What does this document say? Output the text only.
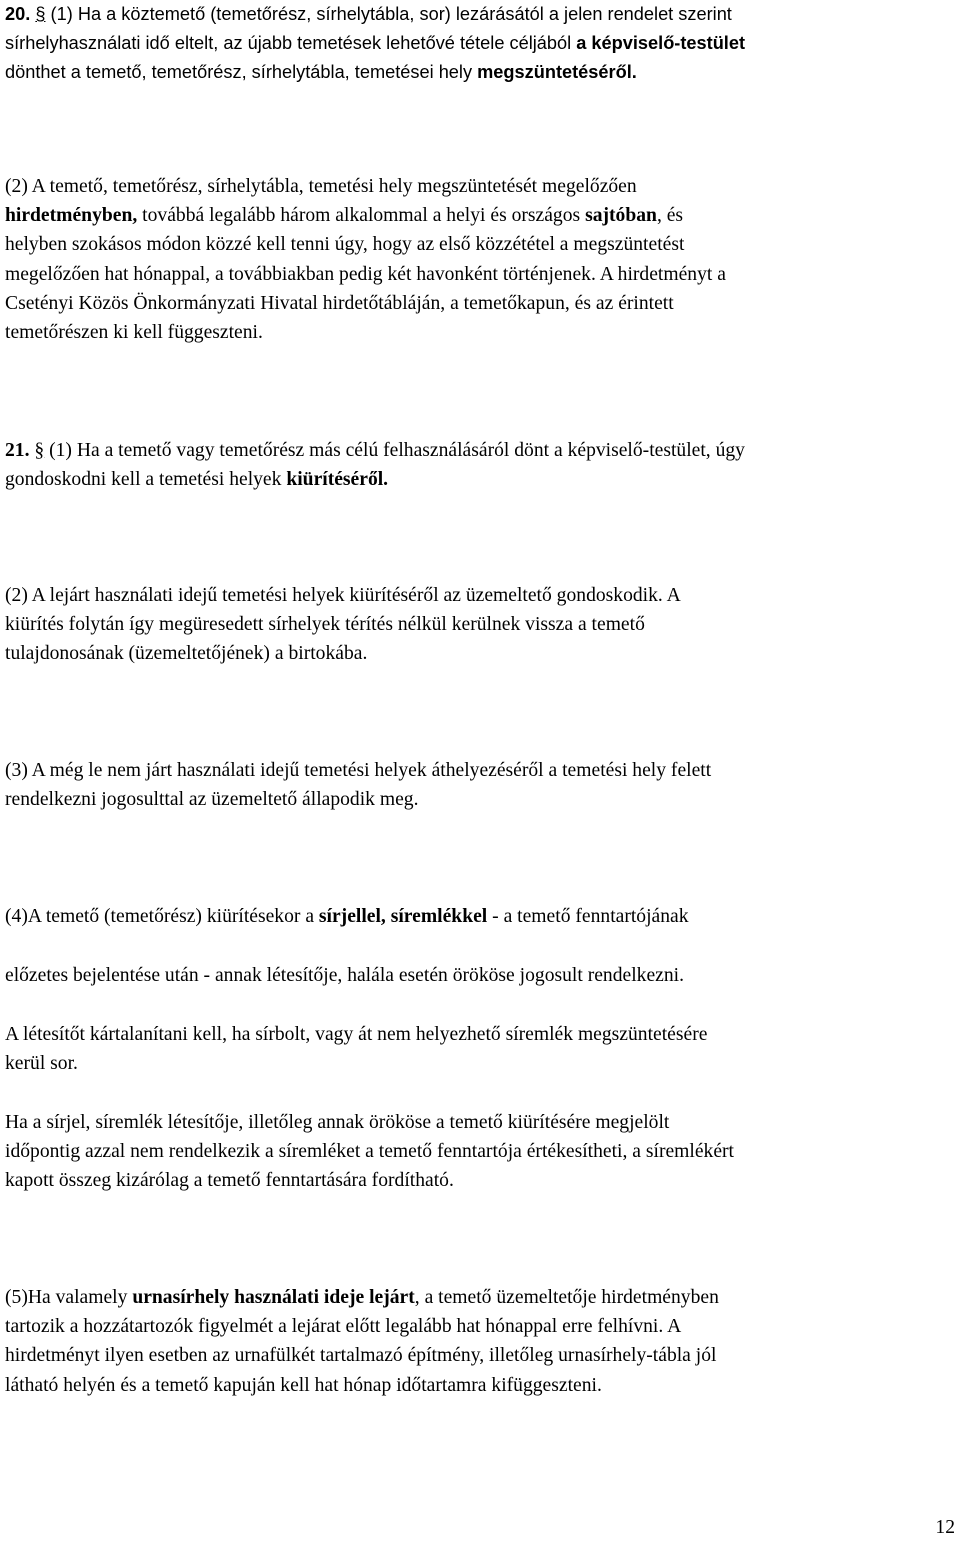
20. § (1) Ha a köztemető (temetőrész, sírhelytábla, sor) lezárásától a jelen rendelet szerint
sírhelyhasználati idő eltelt, az újabb temetések lehetővé tétele céljából a képviselő-testület
dönthet a temető, temetőrész, sírhelytábla, temetései hely megszüntetéséről.
(2) A temető, temetőrész, sírhelytábla, temetési hely megszüntetését megelőzően
hirdetményben, továbbá legalább három alkalommal a helyi és országos sajtóban, és
helyben szokásos módon közzé kell tenni úgy, hogy az első közzététel a megszüntetést
megelőzően hat hónappal, a továbbiakban pedig két havonként történjenek. A hirdetményt a
Csetényi Közös Önkormányzati Hivatal hirdetőtábláján, a temetőkapun, és az érintett
temetőrészen ki kell függeszteni.
21. § (1) Ha a temető vagy temetőrész más célú felhasználásáról dönt a képviselő-testület, úgy
gondoskodni kell a temetési helyek kiürítéséről.
(2) A lejárt használati idejű temetési helyek kiürítéséről az üzemeltető gondoskodik. A
kiürítés folytán így megüresedett sírhelyek térítés nélkül kerülnek vissza a temető
tulajdonosának (üzemeltetőjének) a birtokába.
(3) A még le nem járt használati idejű temetési helyek áthelyezéséről a temetési hely felett
rendelkezni jogosulttal az üzemeltető állapodik meg.
(4)A temető (temetőrész) kiürítésekor a sírjellel, síremlékkel - a temető fenntartójának
előzetes bejelentése után - annak létesítője, halála esetén örököse jogosult rendelkezni.
A létesítőt kártalanítani kell, ha sírbolt, vagy át nem helyezhető síremlék megszüntetésére
kerül sor.
Ha a sírjel, síremlék létesítője, illetőleg annak örököse a temető kiürítésére megjelölt
időpontig azzal nem rendelkezik a síremléket a temető fenntartója értékesítheti, a síremlékért
kapott összeg kizárólag a temető fenntartására fordítható.
(5)Ha valamely urnasírhely használati ideje lejárt, a temető üzemeltetője hirdetményben
tartozik a hozzátartozók figyelmét a lejárat előtt legalább hat hónappal erre felhívni. A
hirdetményt ilyen esetben az urnafülkét tartalmazó építmény, illetőleg urnasírhely-tábla jól
látható helyén és a temető kapuján kell hat hónap időtartamra kifüggeszteni.
12
